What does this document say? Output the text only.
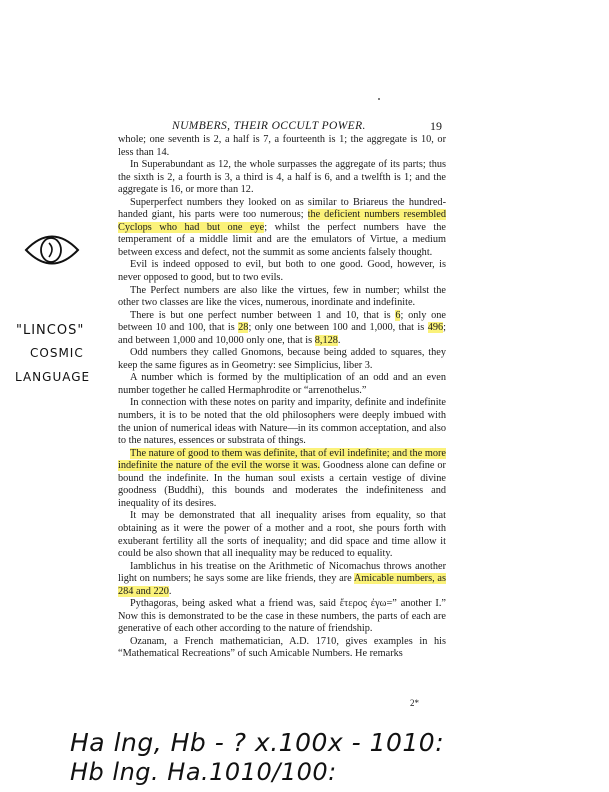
NUMBERS, THEIR OCCULT POWER.	19

whole; one seventh is 2, a half is 7, a fourteenth is 1; the aggregate is 10, or less than 14.

In Superabundant as 12, the whole surpasses the aggregate of its parts; thus the sixth is 2, a fourth is 3, a third is 4, a half is 6, and a twelfth is 1; and the aggregate is 16, or more than 12.

Superperfect numbers they looked on as similar to Briareus the hundred-handed giant, his parts were too numerous; the deficient numbers resembled Cyclops who had but one eye; whilst the perfect numbers have the temperament of a middle limit and are the emulators of Virtue, a medium between excess and defect, not the summit as some ancients falsely thought.

Evil is indeed opposed to evil, but both to one good. Good, however, is never opposed to good, but to two evils.

The Perfect numbers are also like the virtues, few in number; whilst the other two classes are like the vices, numerous, inordinate and indefinite.

There is but one perfect number between 1 and 10, that is 6; only one between 10 and 100, that is 28; only one between 100 and 1,000, that is 496; and between 1,000 and 10,000 only one, that is 8,128.

Odd numbers they called Gnomons, because being added to squares, they keep the same figures as in Geometry: see Simplicius, liber 3.

A number which is formed by the multiplication of an odd and an even number together he called Hermaphrodite or “arrenothelus.”

In connection with these notes on parity and imparity, definite and indefinite numbers, it is to be noted that the old philosophers were deeply imbued with the union of numerical ideas with Nature—in its common acceptation, and also to the natures, essences or substrata of things.

The nature of good to them was definite, that of evil indefinite; and the more indefinite the nature of the evil the worse it was. Goodness alone can define or bound the indefinite. In the human soul exists a certain vestige of divine goodness (Buddhi), this bounds and moderates the indefiniteness and inequality of its desires.

It may be demonstrated that all inequality arises from equality, so that obtaining as it were the power of a mother and a root, she pours forth with exuberant fertility all the sorts of inequality; and did space and time allow it could be also shown that all inequality may be reduced to equality.

Iamblichus in his treatise on the Arithmetic of Nicomachus throws another light on numbers; he says some are like friends, they are Amicable numbers, as 284 and 220.

Pythagoras, being asked what a friend was, said ἕτερος ἐγω=” another I.” Now this is demonstrated to be the case in these numbers, the parts of each are generative of each other according to the nature of friendship.

Ozanam, a French mathematician, A.D. 1710, gives examples in his “Mathematical Recreations” of such Amicable Numbers. He remarks

2*
"LINCOS"
COSMIC
LANGUAGE
Ha lng, Hb - ? x.100x - 1010:
Hb lng. Ha.1010/100:
